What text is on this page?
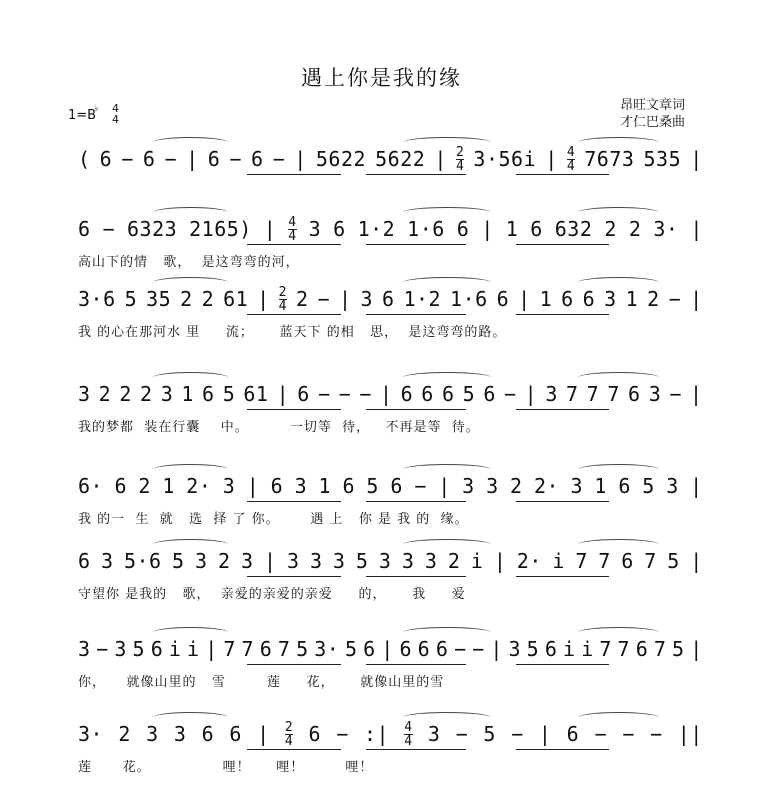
遇上你是我的缘
昂旺文章词
才仁巴桑曲
1=B♭ 4
4
( 6 − 6 − | 6 − 6 − | 5622 5622 | 2
4 3·56i | 4
4 7673 535 |
6 − 6323 2165) | 4
4 3 6 1·2 1·6 6 | 1 6 632 2 2 3· |
高山下的情   歌，  是这弯弯的河，
3·6 5 35 2 2 61 | 2
4 2 − | 3 6 1·2 1·6 6 | 1 6 6 3 1 2 − |
我 的心在那河水 里     流；     蓝天下 的相   思，  是这弯弯的路。
3 2 2 2 3 1 6 5 61 | 6 − − − | 6 6 6 5 6 − | 3 7 7 7 6 3 − |
我的梦都  装在行囊    中。        一切等  待，   不再是等  待。
6· 6 2 1 2· 3 | 6 3 1 6 5 6 − | 3 3 2 2· 3 1 6 5 3 |
我 的一  生  就   选  择 了 你。      遇 上   你 是 我 的  缘。
6 3 5·6 5 3 2 3 | 3 3 3 5 3 3 3 2 i | 2· i 7 7 6 7 5 |
守望你 是我的   歌，  亲爱的亲爱的亲爱     的，     我     爱
3 − 3 5 6 i i | 7 7 6 7 5 3· 5 6 | 6 6 6 − − | 3 5 6 i i 7 7 6 7 5 |
你，    就像山里的   雪        莲     花，     就像山里的雪
3· 2 3 3 6 6 | 2
4 6 − :| 4
4 3 − 5 − | 6 − − − ||
莲      花。              哩！     哩！        哩！
